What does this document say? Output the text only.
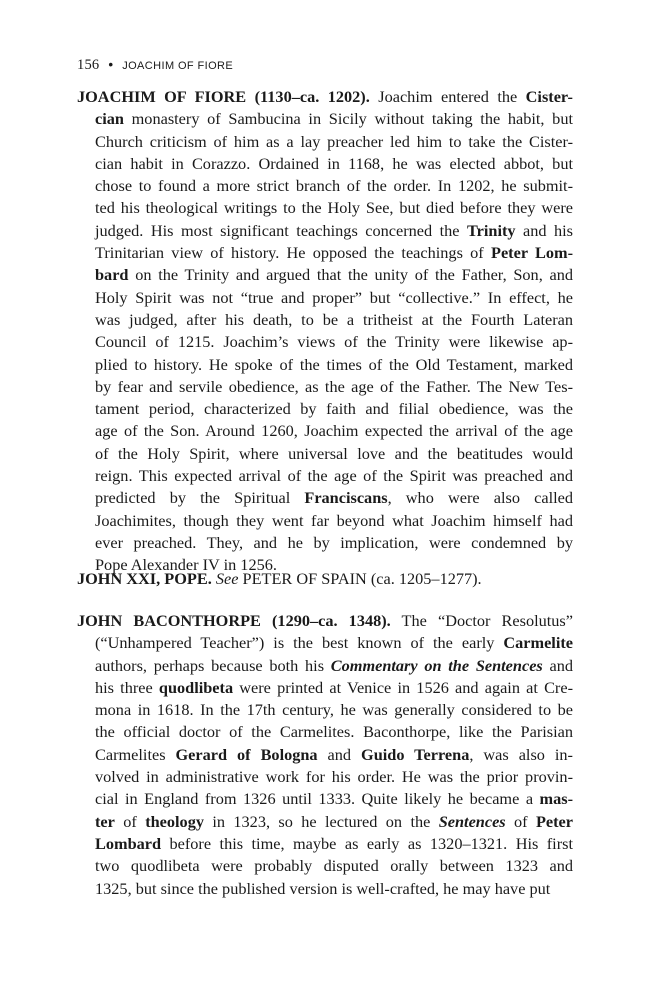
156 • JOACHIM OF FIORE
JOACHIM OF FIORE (1130–ca. 1202). Joachim entered the Cister-
cian monastery of Sambucina in Sicily without taking the habit, but
Church criticism of him as a lay preacher led him to take the Cister-
cian habit in Corazzo. Ordained in 1168, he was elected abbot, but
chose to found a more strict branch of the order. In 1202, he submit-
ted his theological writings to the Holy See, but died before they were
judged. His most significant teachings concerned the Trinity and his
Trinitarian view of history. He opposed the teachings of Peter Lom-
bard on the Trinity and argued that the unity of the Father, Son, and
Holy Spirit was not “true and proper” but “collective.” In effect, he
was judged, after his death, to be a tritheist at the Fourth Lateran
Council of 1215. Joachim’s views of the Trinity were likewise ap-
plied to history. He spoke of the times of the Old Testament, marked
by fear and servile obedience, as the age of the Father. The New Tes-
tament period, characterized by faith and filial obedience, was the
age of the Son. Around 1260, Joachim expected the arrival of the age
of the Holy Spirit, where universal love and the beatitudes would
reign. This expected arrival of the age of the Spirit was preached and
predicted by the Spiritual Franciscans, who were also called
Joachimites, though they went far beyond what Joachim himself had
ever preached. They, and he by implication, were condemned by
Pope Alexander IV in 1256.
JOHN XXI, POPE. See PETER OF SPAIN (ca. 1205–1277).
JOHN BACONTHORPE (1290–ca. 1348). The “Doctor Resolutus”
(“Unhampered Teacher”) is the best known of the early Carmelite
authors, perhaps because both his Commentary on the Sentences and
his three quodlibeta were printed at Venice in 1526 and again at Cre-
mona in 1618. In the 17th century, he was generally considered to be
the official doctor of the Carmelites. Baconthorpe, like the Parisian
Carmelites Gerard of Bologna and Guido Terrena, was also in-
volved in administrative work for his order. He was the prior provin-
cial in England from 1326 until 1333. Quite likely he became a mas-
ter of theology in 1323, so he lectured on the Sentences of Peter
Lombard before this time, maybe as early as 1320–1321. His first
two quodlibeta were probably disputed orally between 1323 and
1325, but since the published version is well-crafted, he may have put
